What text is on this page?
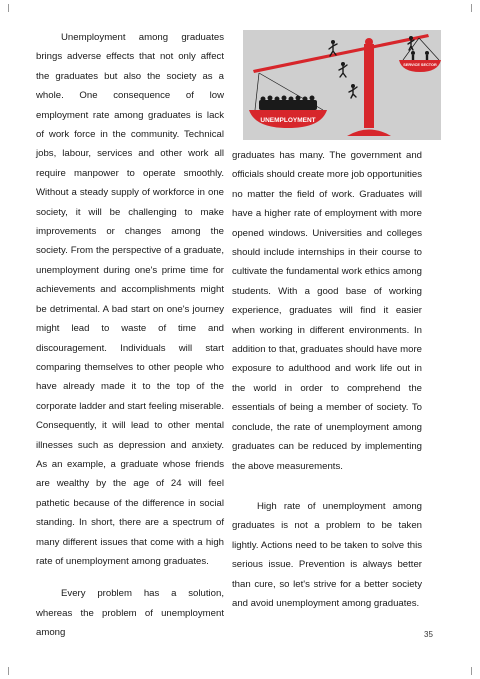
Unemployment among graduates brings adverse effects that not only affect the graduates but also the society as a whole. One consequence of low employment rate among graduates is lack of work force in the community. Technical jobs, labour, services and other work all require manpower to operate smoothly. Without a steady supply of workforce in one society, it will be challenging to make improvements or changes among the society. From the perspective of a graduate, unemployment during one's prime time for achievements and accomplishments might be detrimental. A bad start on one's journey might lead to waste of time and discouragement. Individuals will start comparing themselves to other people who have already made it to the top of the corporate ladder and start feeling miserable. Consequently, it will lead to other mental illnesses such as depression and anxiety. As an example, a graduate whose friends are wealthy by the age of 24 will feel pathetic because of the difference in social standing. In short, there are a spectrum of many different issues that come with a high rate of unemployment among graduates.

Every problem has a solution, whereas the problem of unemployment among

UNEMPLOYMENT
SERVICE SECTOR

graduates has many. The government and officials should create more job opportunities no matter the field of work. Graduates will have a higher rate of employment with more opened windows. Universities and colleges should include internships in their course to cultivate the fundamental work ethics among students. With a good base of working experience, graduates will find it easier when working in different environments. In addition to that, graduates should have more exposure to adulthood and work life out in the world in order to comprehend the essentials of being a member of society. To conclude, the rate of unemployment among graduates can be reduced by implementing the above measurements.

High rate of unemployment among graduates is not a problem to be taken lightly. Actions need to be taken to solve this serious issue. Prevention is always better than cure, so let's strive for a better society and avoid unemployment among graduates.

35
